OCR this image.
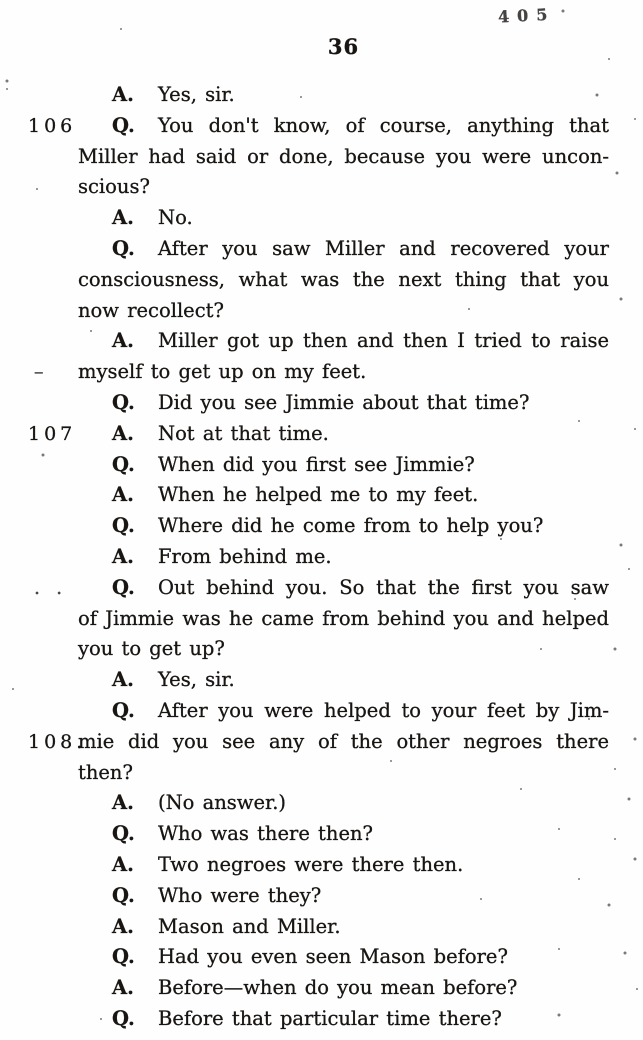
405
36
A. Yes, sir.
106 Q. You don't know, of course, anything that
Miller had said or done, because you were uncon-
scious?
A. No.
Q. After you saw Miller and recovered your
consciousness, what was the next thing that you
now recollect?
A. Miller got up then and then I tried to raise
– myself to get up on my feet.
Q. Did you see Jimmie about that time?
107 A. Not at that time.
Q. When did you first see Jimmie?
A. When he helped me to my feet.
Q. Where did he come from to help you?
A. From behind me.
. . Q. Out behind you. So that the first you saw
of Jimmie was he came from behind you and helped
you to get up?
A. Yes, sir.
Q. After you were helped to your feet by Jim-
108.
mie did you see any of the other negroes there
then?
A. (No answer.)
Q. Who was there then?
A. Two negroes were there then.
Q. Who were they?
A. Mason and Miller.
Q. Had you even seen Mason before?
A. Before—when do you mean before?
Q. Before that particular time there?
